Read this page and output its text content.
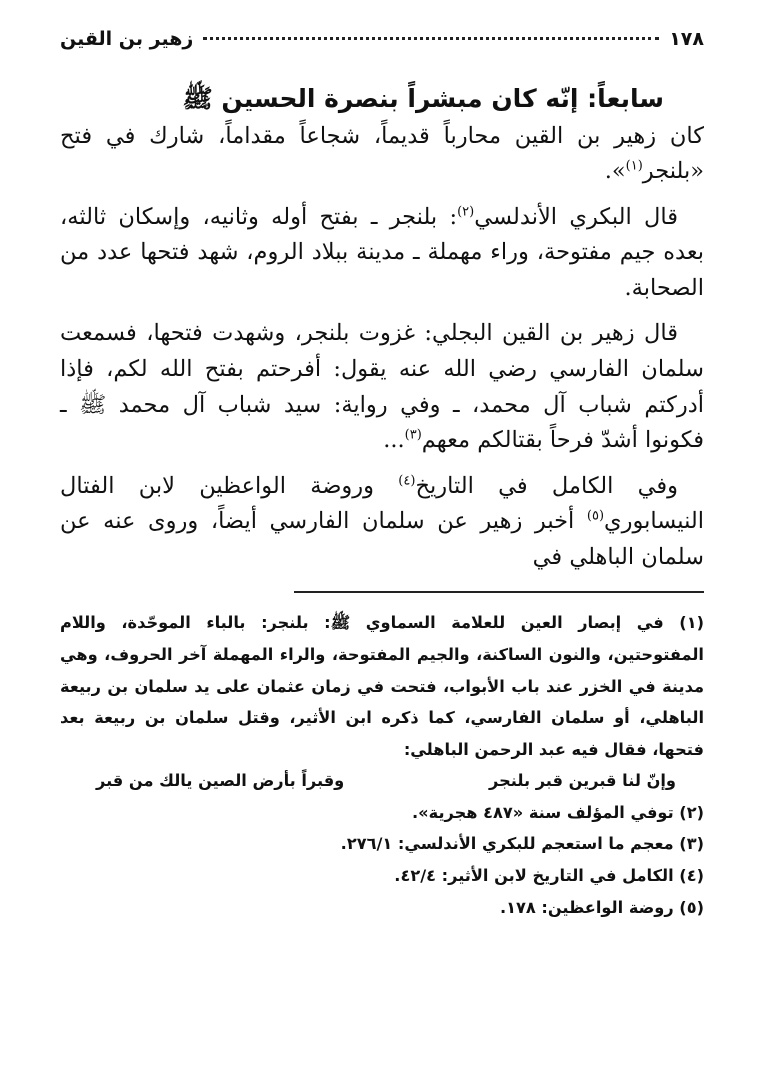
١٧٨
زهير بن القين
سابعاً: إنّه كان مبشراً بنصرة الحسين ﷺ

كان زهير بن القين محارباً قديماً، شجاعاً مقداماً، شارك في فتح «بلنجر$^{(١)}$».

قال البكري الأندلسي$^{(٢)}$: بلنجر ـ بفتح أوله وثانيه، وإسكان ثالثه، بعده جيم مفتوحة، وراء مهملة ـ مدينة ببلاد الروم، شهد فتحها عدد من الصحابة.

قال زهير بن القين البجلي: غزوت بلنجر، وشهدت فتحها، فسمعت سلمان الفارسي رضي الله عنه يقول: أفرحتم بفتح الله لكم، فإذا أدركتم شباب آل محمد، ـ وفي رواية: سيد شباب آل محمد ﷺ ـ فكونوا أشدّ فرحاً بقتالكم معهم$^{(٣)}$...

وفي الكامل في التاريخ$^{(٤)}$ وروضة الواعظين لابن الفتال النيسابوري$^{(٥)}$ أخبر زهير عن سلمان الفارسي أيضاً، وروى عنه عن سلمان الباهلي في

(١) في إبصار العين للعلامة السماوي ﷺ: بلنجر: بالباء الموحّدة، واللام المفتوحتين، والنون الساكنة، والجيم المفتوحة، والراء المهملة آخر الحروف، وهي مدينة في الخزر عند باب الأبواب، فتحت في زمان عثمان على يد سلمان بن ربيعة الباهلي، أو سلمان الفارسي، كما ذكره ابن الأثير، وقتل سلمان بن ربيعة بعد فتحها، فقال فيه عبد الرحمن الباهلي:

وإنّ لنا قبرين قبر بلنجر
وقبراً بأرض الصين يالك من قبر

(٢) توفي المؤلف سنة «٤٨٧ هجرية».

(٣) معجم ما استعجم للبكري الأندلسي: ٢٧٦/١.

(٤) الكامل في التاريخ لابن الأثير: ٤٢/٤.

(٥) روضة الواعظين: ١٧٨.
